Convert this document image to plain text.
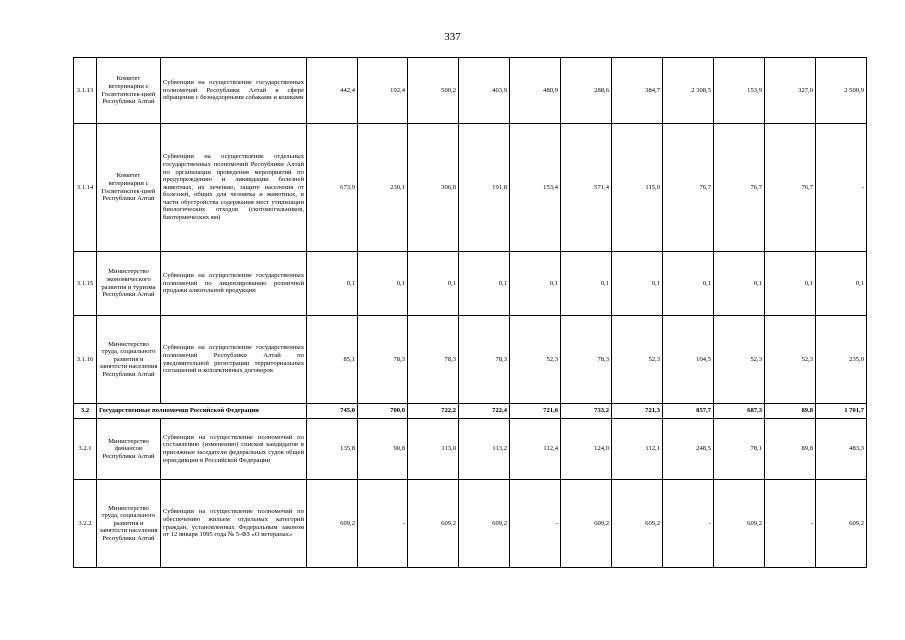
337
3.1.13	Комитет ветеринарии с Госветинспек-цией Республики Алтай	Субвенции на осуществление государственных полномочий Республики Алтай в сфере обращения с безнадзорными собаками и кошками	442,4	192,4	500,2	403,9	480,9	288,6	384,7	2 308,5	153,9	327,0	2 500,9
3.1.14	Комитет ветеринарии с Госветинспек-цией Республики Алтай	Субвенции на осуществление отдельных государственных полномочий Республики Алтай по организации проведения мероприятий по предупреждению и ликвидации болезней животных, их лечению, защите населения от болезней, общих для человека и животных, в части обустройства содержания мест утилизации биологических отходов (скотомогильников, биотермических ям)	673,9	230,1	306,8	191,8	153,4	571,4	115,0	76,7	76,7	76,7	-
3.1.15	Министерство экономического развития и туризма Республики Алтай	Субвенции на осуществление государственных полномочий по лицензированию розничной продажи алкогольной продукции	0,1	0,1	0,1	0,1	0,1	0,1	0,1	0,1	0,1	0,1	0,1
3.1.16	Министерство труда, социального развития и занятости населения Республики Алтай	Субвенции на осуществление государственных полномочий Республики Алтай по уведомительной регистрации территориальных соглашений и коллективных договоров	85,1	78,3	78,3	78,3	52,3	78,3	52,3	104,5	52,3	52,3	235,0
3.2	Государственные полномочия Российской Федерации		745,0	700,0	722,2	722,4	721,6	733,2	721,3	857,7	687,3	89,8	1 701,7
3.2.1	Министерство финансов Республики Алтай	Субвенции на осуществление полномочий по составлению (изменению) списков кандидатов в присяжные заседатели федеральных судов общей юрисдикции в Российской Федерации	135,8	90,8	113,0	113,2	112,4	124,0	112,1	248,5	78,1	89,8	483,3
3.2.2	Министерство труда, социального развития и занятости населения Республики Алтай	Субвенции на осуществление полномочий по обеспечению жильем отдельных категорий граждан, установленных Федеральным законом от 12 января 1995 года № 5-ФЗ «О ветеранах»	609,2	-	609,2	609,2	-	609,2	609,2	-	609,2	-	609,2
